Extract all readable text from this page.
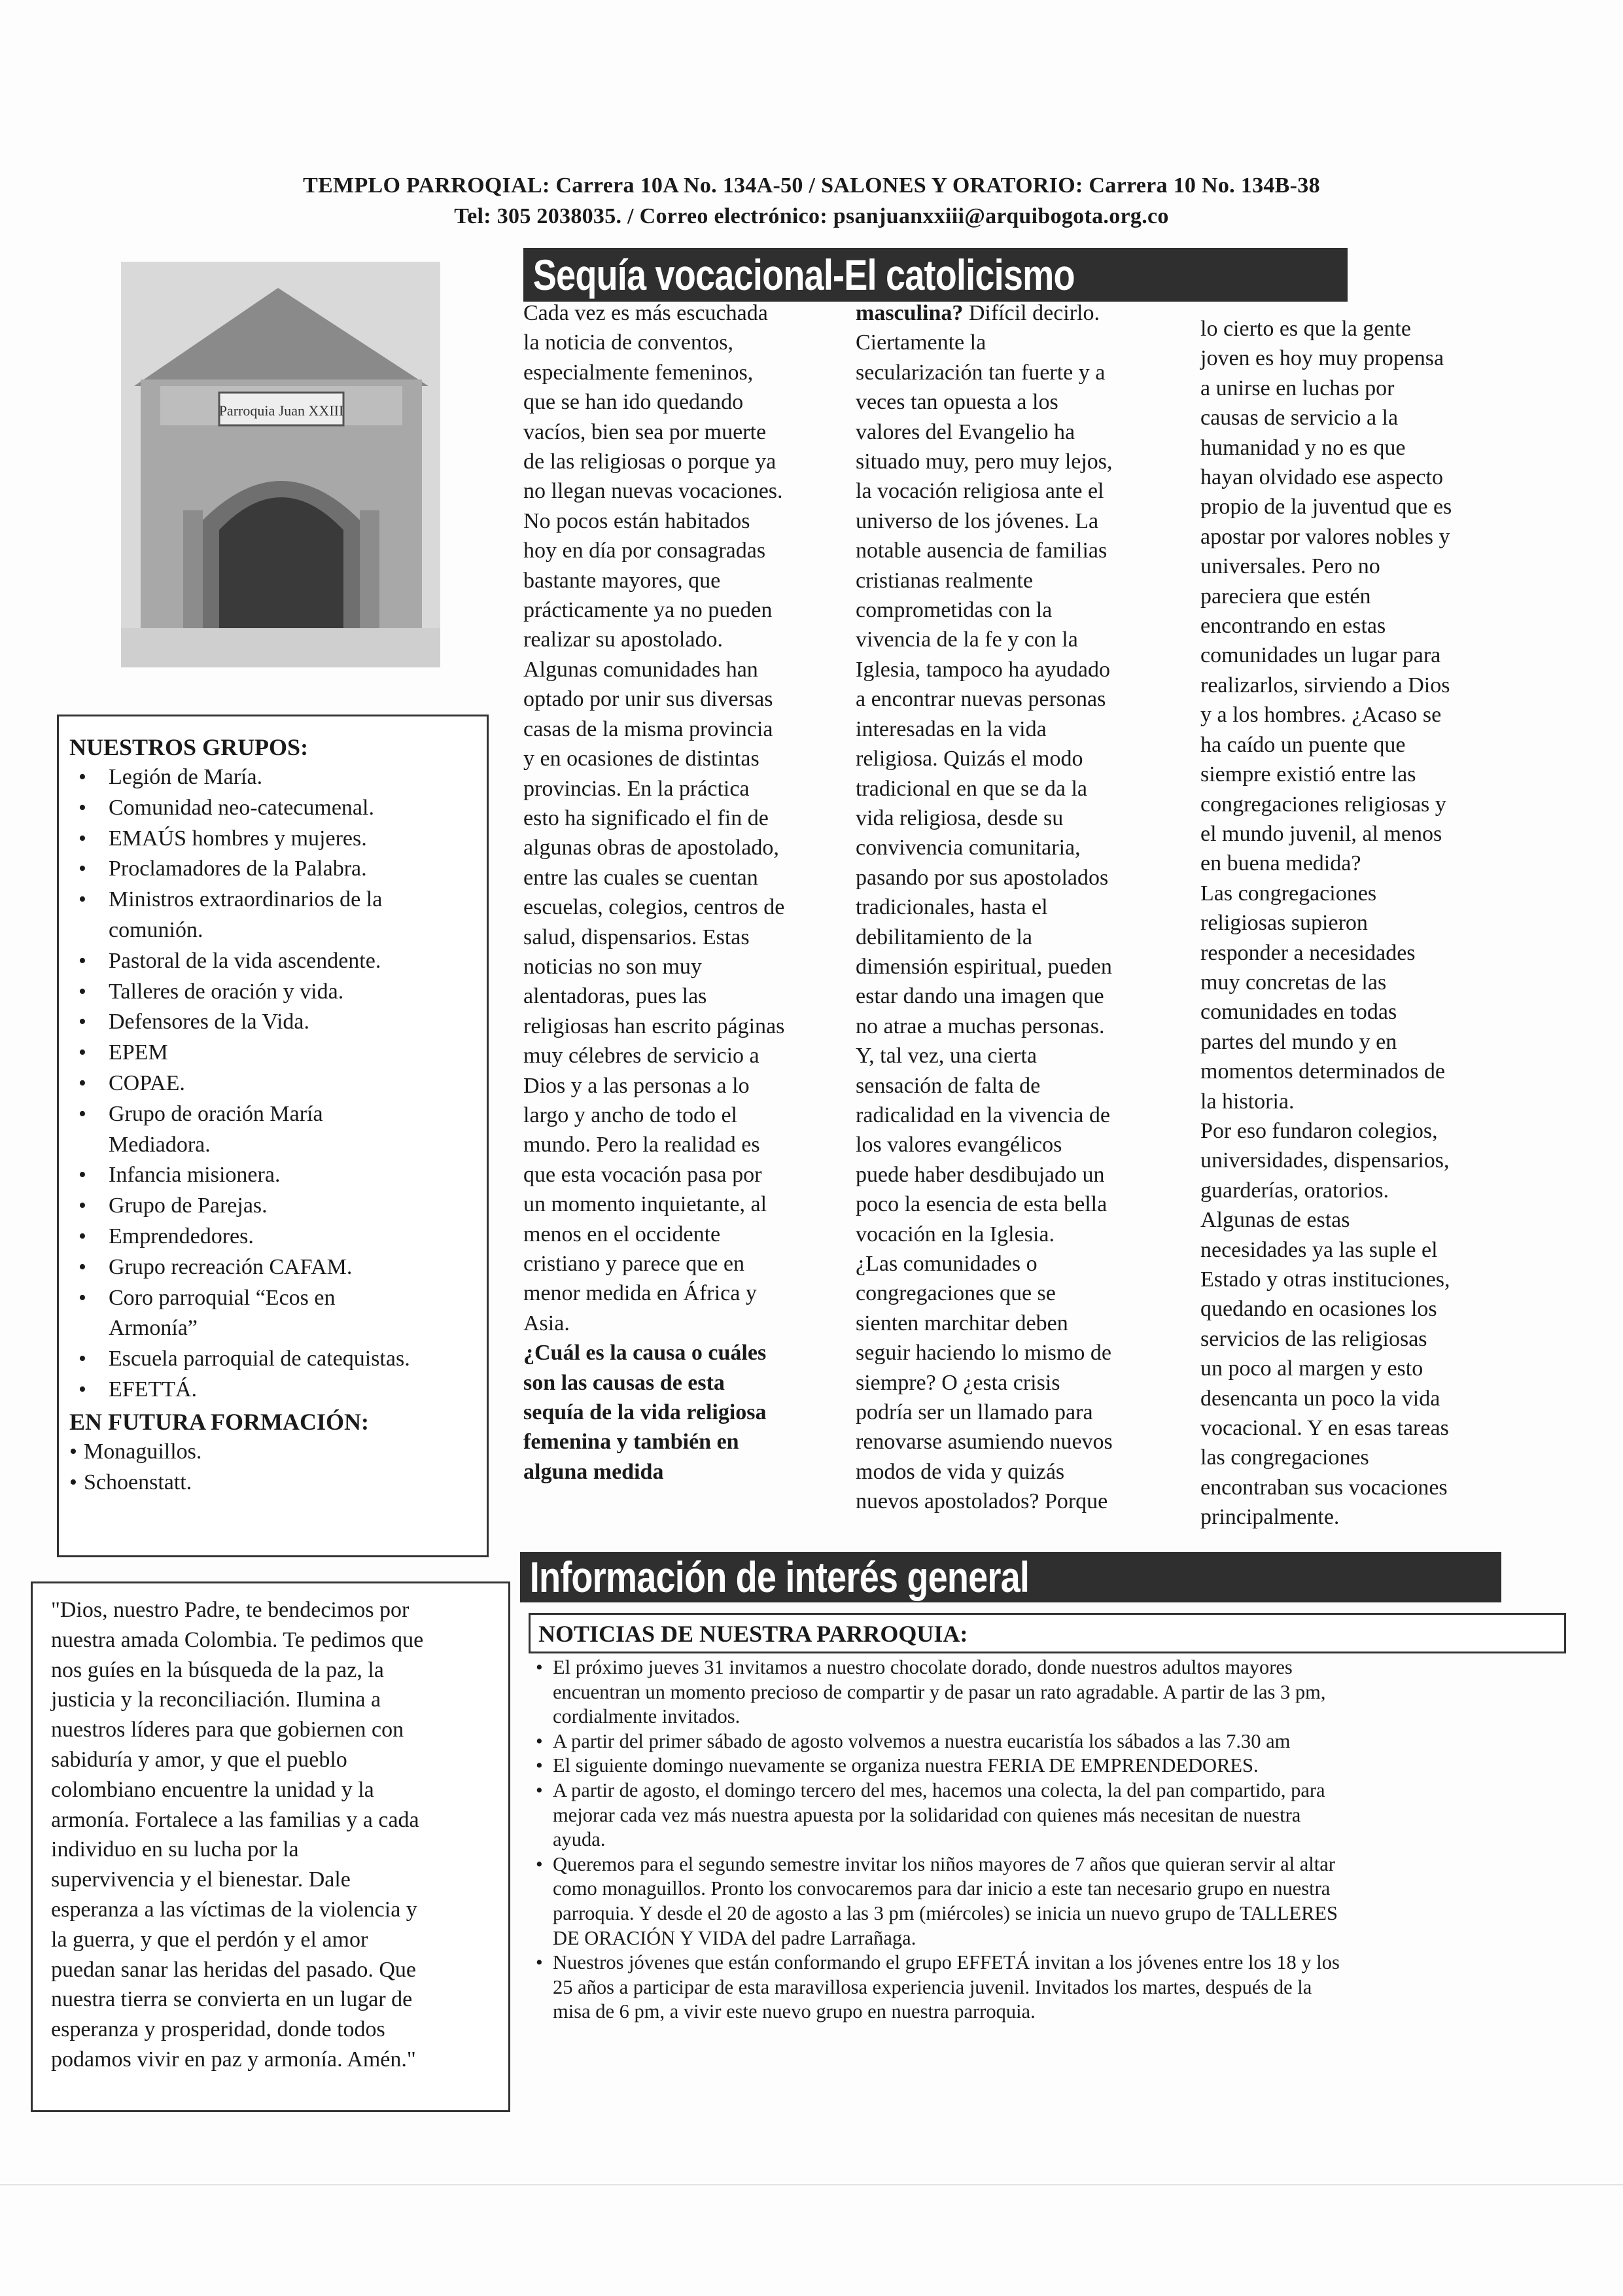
TEMPLO PARROQIAL: Carrera 10A No. 134A-50 / SALONES Y ORATORIO: Carrera 10 No. 134B-38
Tel: 305 2038035. / Correo electrónico: psanjuanxxiii@arquibogota.org.co
Parroquia Juan XXIII
Sequía vocacional-El catolicismo

Cada vez es más escuchada

la noticia de conventos,

especialmente femeninos,

que se han ido quedando

vacíos, bien sea por muerte

de las religiosas o porque ya

no llegan nuevas vocaciones.

No pocos están habitados

hoy en día por consagradas

bastante mayores, que

prácticamente ya no pueden

realizar su apostolado.

Algunas comunidades han

optado por unir sus diversas

casas de la misma provincia

y en ocasiones de distintas

provincias. En la práctica

esto ha significado el fin de

algunas obras de apostolado,

entre las cuales se cuentan

escuelas, colegios, centros de

salud, dispensarios. Estas

noticias no son muy

alentadoras, pues las

religiosas han escrito páginas

muy célebres de servicio a

Dios y a las personas a lo

largo y ancho de todo el

mundo. Pero la realidad es

que esta vocación pasa por

un momento inquietante, al

menos en el occidente

cristiano y parece que en

menor medida en África y

Asia.

¿Cuál es la causa o cuáles

son las causas de esta

sequía de la vida religiosa

femenina y también en

alguna medida

masculina? Difícil decirlo.

Ciertamente la

secularización tan fuerte y a

veces tan opuesta a los

valores del Evangelio ha

situado muy, pero muy lejos,

la vocación religiosa ante el

universo de los jóvenes. La

notable ausencia de familias

cristianas realmente

comprometidas con la

vivencia de la fe y con la

Iglesia, tampoco ha ayudado

a encontrar nuevas personas

interesadas en la vida

religiosa. Quizás el modo

tradicional en que se da la

vida religiosa, desde su

convivencia comunitaria,

pasando por sus apostolados

tradicionales, hasta el

debilitamiento de la

dimensión espiritual, pueden

estar dando una imagen que

no atrae a muchas personas.

Y, tal vez, una cierta

sensación de falta de

radicalidad en la vivencia de

los valores evangélicos

puede haber desdibujado un

poco la esencia de esta bella

vocación en la Iglesia.

¿Las comunidades o

congregaciones que se

sienten marchitar deben

seguir haciendo lo mismo de

siempre? O ¿esta crisis

podría ser un llamado para

renovarse asumiendo nuevos

modos de vida y quizás

nuevos apostolados? Porque

lo cierto es que la gente

joven es hoy muy propensa

a unirse en luchas por

causas de servicio a la

humanidad y no es que

hayan olvidado ese aspecto

propio de la juventud que es

apostar por valores nobles y

universales. Pero no

pareciera que estén

encontrando en estas

comunidades un lugar para

realizarlos, sirviendo a Dios

y a los hombres. ¿Acaso se

ha caído un puente que

siempre existió entre las

congregaciones religiosas y

el mundo juvenil, al menos

en buena medida?

Las congregaciones

religiosas supieron

responder a necesidades

muy concretas de las

comunidades en todas

partes del mundo y en

momentos determinados de

la historia.

Por eso fundaron colegios,

universidades, dispensarios,

guarderías, oratorios.

Algunas de estas

necesidades ya las suple el

Estado y otras instituciones,

quedando en ocasiones los

servicios de las religiosas

un poco al margen y esto

desencanta un poco la vida

vocacional. Y en esas tareas

las congregaciones

encontraban sus vocaciones

principalmente.

NUESTROS GRUPOS:
• Legión de María.
• Comunidad neo-catecumenal.
• EMAÚS hombres y mujeres.
• Proclamadores de la Palabra.
• Ministros extraordinarios de la
comunión.
• Pastoral de la vida ascendente.
• Talleres de oración y vida.
• Defensores de la Vida.
• EPEM
• COPAE.
• Grupo de oración María
Mediadora.
• Infancia misionera.
• Grupo de Parejas.
• Emprendedores.
• Grupo recreación CAFAM.
• Coro parroquial “Ecos en
Armonía”
• Escuela parroquial de catequistas.
• EFETTÁ.
EN FUTURA FORMACIÓN:
• Monaguillos.
• Schoenstatt.
"Dios, nuestro Padre, te bendecimos por
nuestra amada Colombia. Te pedimos que
nos guíes en la búsqueda de la paz, la
justicia y la reconciliación. Ilumina a
nuestros líderes para que gobiernen con
sabiduría y amor, y que el pueblo
colombiano encuentre la unidad y la
armonía. Fortalece a las familias y a cada
individuo en su lucha por la
supervivencia y el bienestar. Dale
esperanza a las víctimas de la violencia y
la guerra, y que el perdón y el amor
puedan sanar las heridas del pasado. Que
nuestra tierra se convierta en un lugar de
esperanza y prosperidad, donde todos
podamos vivir en paz y armonía. Amén."
Información de interés general
NOTICIAS DE NUESTRA PARROQUIA:
• El próximo jueves 31 invitamos a nuestro chocolate dorado, donde nuestros adultos mayores
encuentran un momento precioso de compartir y de pasar un rato agradable. A partir de las 3 pm,
cordialmente invitados.
• A partir del primer sábado de agosto volvemos a nuestra eucaristía los sábados a las 7.30 am
• El siguiente domingo nuevamente se organiza nuestra FERIA DE EMPRENDEDORES.
• A partir de agosto, el domingo tercero del mes, hacemos una colecta, la del pan compartido, para
mejorar cada vez más nuestra apuesta por la solidaridad con quienes más necesitan de nuestra
ayuda.
• Queremos para el segundo semestre invitar los niños mayores de 7 años que quieran servir al altar
como monaguillos. Pronto los convocaremos para dar inicio a este tan necesario grupo en nuestra
parroquia. Y desde el 20 de agosto a las 3 pm (miércoles) se inicia un nuevo grupo de TALLERES
DE ORACIÓN Y VIDA del padre Larrañaga.
• Nuestros jóvenes que están conformando el grupo EFFETÁ invitan a los jóvenes entre los 18 y los
25 años a participar de esta maravillosa experiencia juvenil. Invitados los martes, después de la
misa de 6 pm, a vivir este nuevo grupo en nuestra parroquia.
